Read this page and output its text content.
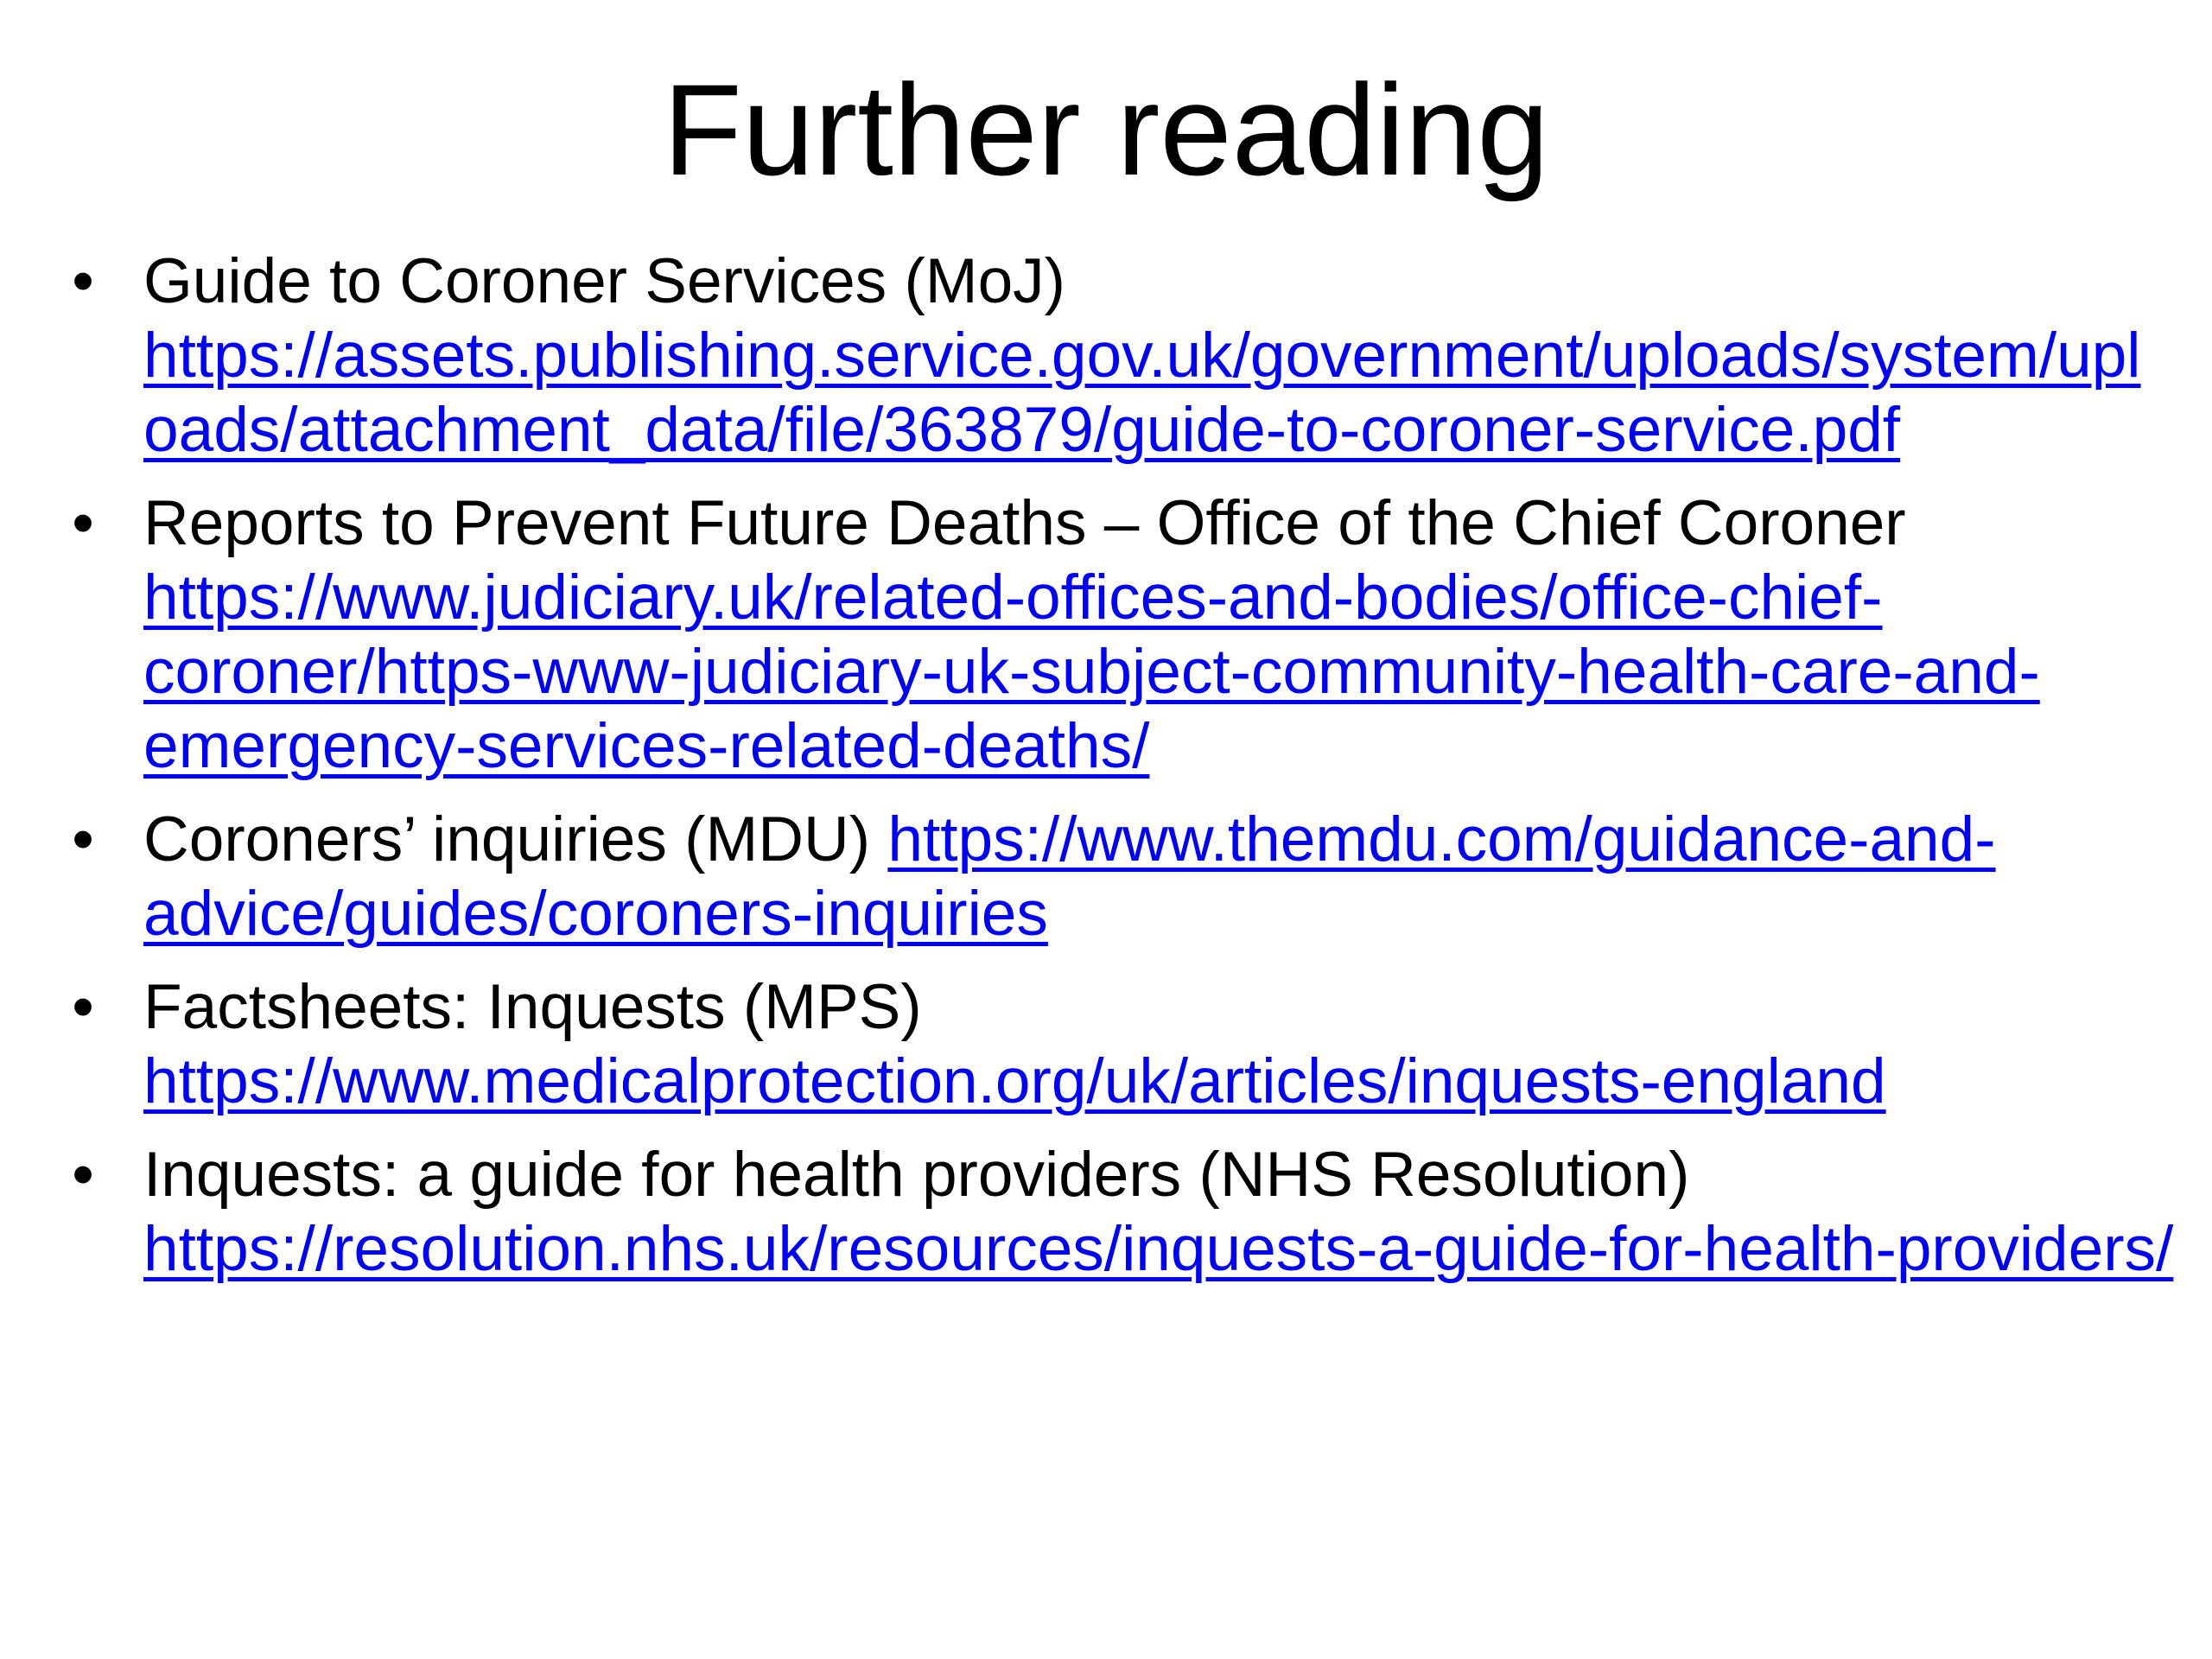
Further reading
• Guide to Coroner Services (MoJ)
https://assets.publishing.service.gov.uk/government/uploads/system/uploads/attachment_data/file/363879/guide-to-coroner-service.pdf
• Reports to Prevent Future Deaths – Office of the Chief Coroner
https://www.judiciary.uk/related-offices-and-bodies/office-chief-coroner/https-www-judiciary-uk-subject-community-health-care-and-emergency-services-related-deaths/
• Coroners’ inquiries (MDU) https://www.themdu.com/guidance-and-advice/guides/coroners-inquiries
• Factsheets: Inquests (MPS)
https://www.medicalprotection.org/uk/articles/inquests-england
• Inquests: a guide for health providers (NHS Resolution)
https://resolution.nhs.uk/resources/inquests-a-guide-for-health-providers/
